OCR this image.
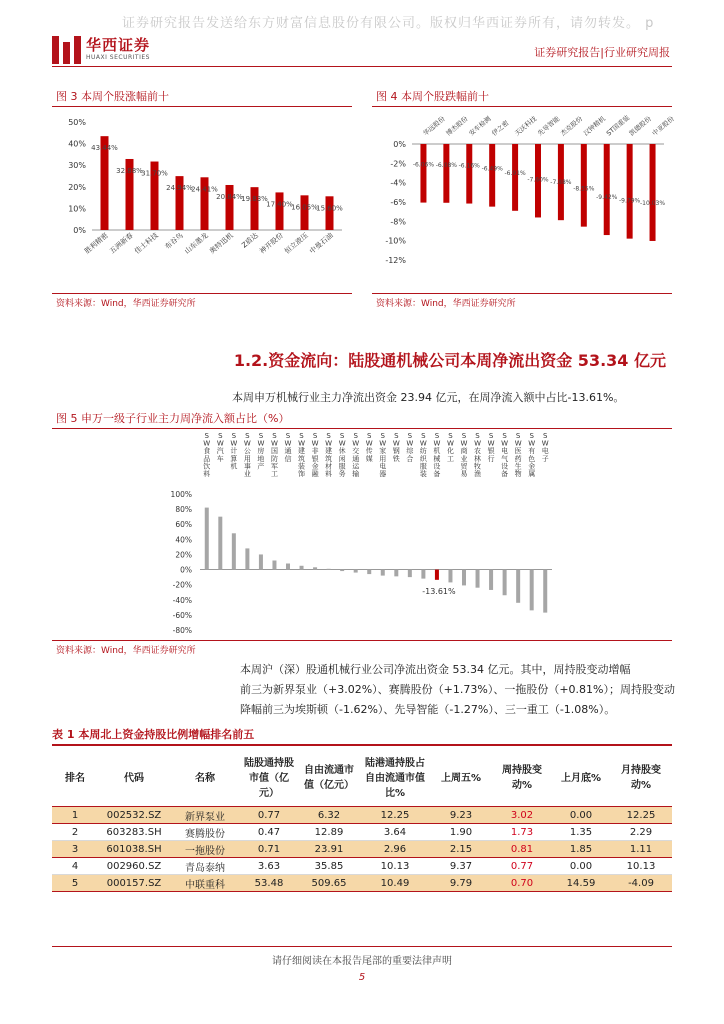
证券研究报告发送给东方财富信息股份有限公司。版权归华西证券所有，请勿转发。 p
华西证券
HUAXI SECURITIES	证券研究报告|行业研究周报
图 3 本周个股涨幅前十
0%
10%
20%
30%
40%
50%
43.44%
胜利精密
32.88%
五洲新春
31.70%
佳士科技
24.94%
布谷鸟
24.41%
山东墨龙
20.84%
奥特迅机
19.83%
Z盾达
17.40%
神开股份
16.05%
恒立液压
15.60%
中曼石油
资料来源：Wind，华西证券研究所
图 4 本周个股跌幅前十
0%
-2%
-4%
-6%
-8%
-10%
-12%
-6.06%
华远股份
-6.08%
博杰股份
-6.16%
安车检测
-6.49%
伊之密
-6.91%
天沃科技
-7.60%
先导智能
-7.88%
杰克股份
-8.55%
汉钟精机
-9.42%
ST国重装
-9.79%
凯德股份
-10.03%
中亚股份
资料来源：Wind，华西证券研究所
1.2.资金流向：陆股通机械公司本周净流出资金 53.34 亿元
本周申万机械行业主力净流出资金 23.94 亿元，在周净流入额中占比-13.61%。
图 5 申万一级子行业主力周净流入额占比（%）
100%
80%
60%
40%
20%
0%
-20%
-40%
-60%
-80%
S W 食品饮料
S W 汽车
S W 计算机
S W 公用事业
S W 房地产
S W 国防军工
S W 通信
S W 建筑装饰
S W 非银金融
S W 建筑材料
S W 休闲服务
S W 交通运输
S W 传媒
S W 家用电器
S W 钢铁
S W 综合
S W 纺织服装
S W 机械设备
-13.61%
S W 化工
S W 商业贸易
S W 农林牧渔
S W 银行
S W 电气设备
S W 医药生物
S W 有色金属
S W 电子
资料来源：Wind，华西证券研究所
本周沪（深）股通机械行业公司净流出资金 53.34 亿元。其中，周持股变动增幅
前三为新界泵业（+3.02%）、赛腾股份（+1.73%）、一拖股份（+0.81%）；周持股变动
降幅前三为埃斯顿（-1.62%）、先导智能（-1.27%）、三一重工（-1.08%）。
表 1 本周北上资金持股比例增幅排名前五
排名	代码	名称	陆股通持股市值（亿元）	自由流通市值（亿元）	陆港通持股占自由流通市值比%	上周五%	周持股变动%	上月底%	月持股变动%
1	002532.SZ	新界泵业	0.77	6.32	12.25	9.23	3.02	0.00	12.25
2	603283.SH	赛腾股份	0.47	12.89	3.64	1.90	1.73	1.35	2.29
3	601038.SH	一拖股份	0.71	23.91	2.96	2.15	0.81	1.85	1.11
4	002960.SZ	青岛泰纳	3.63	35.85	10.13	9.37	0.77	0.00	10.13
5	000157.SZ	中联重科	53.48	509.65	10.49	9.79	0.70	14.59	-4.09
请仔细阅读在本报告尾部的重要法律声明
5
